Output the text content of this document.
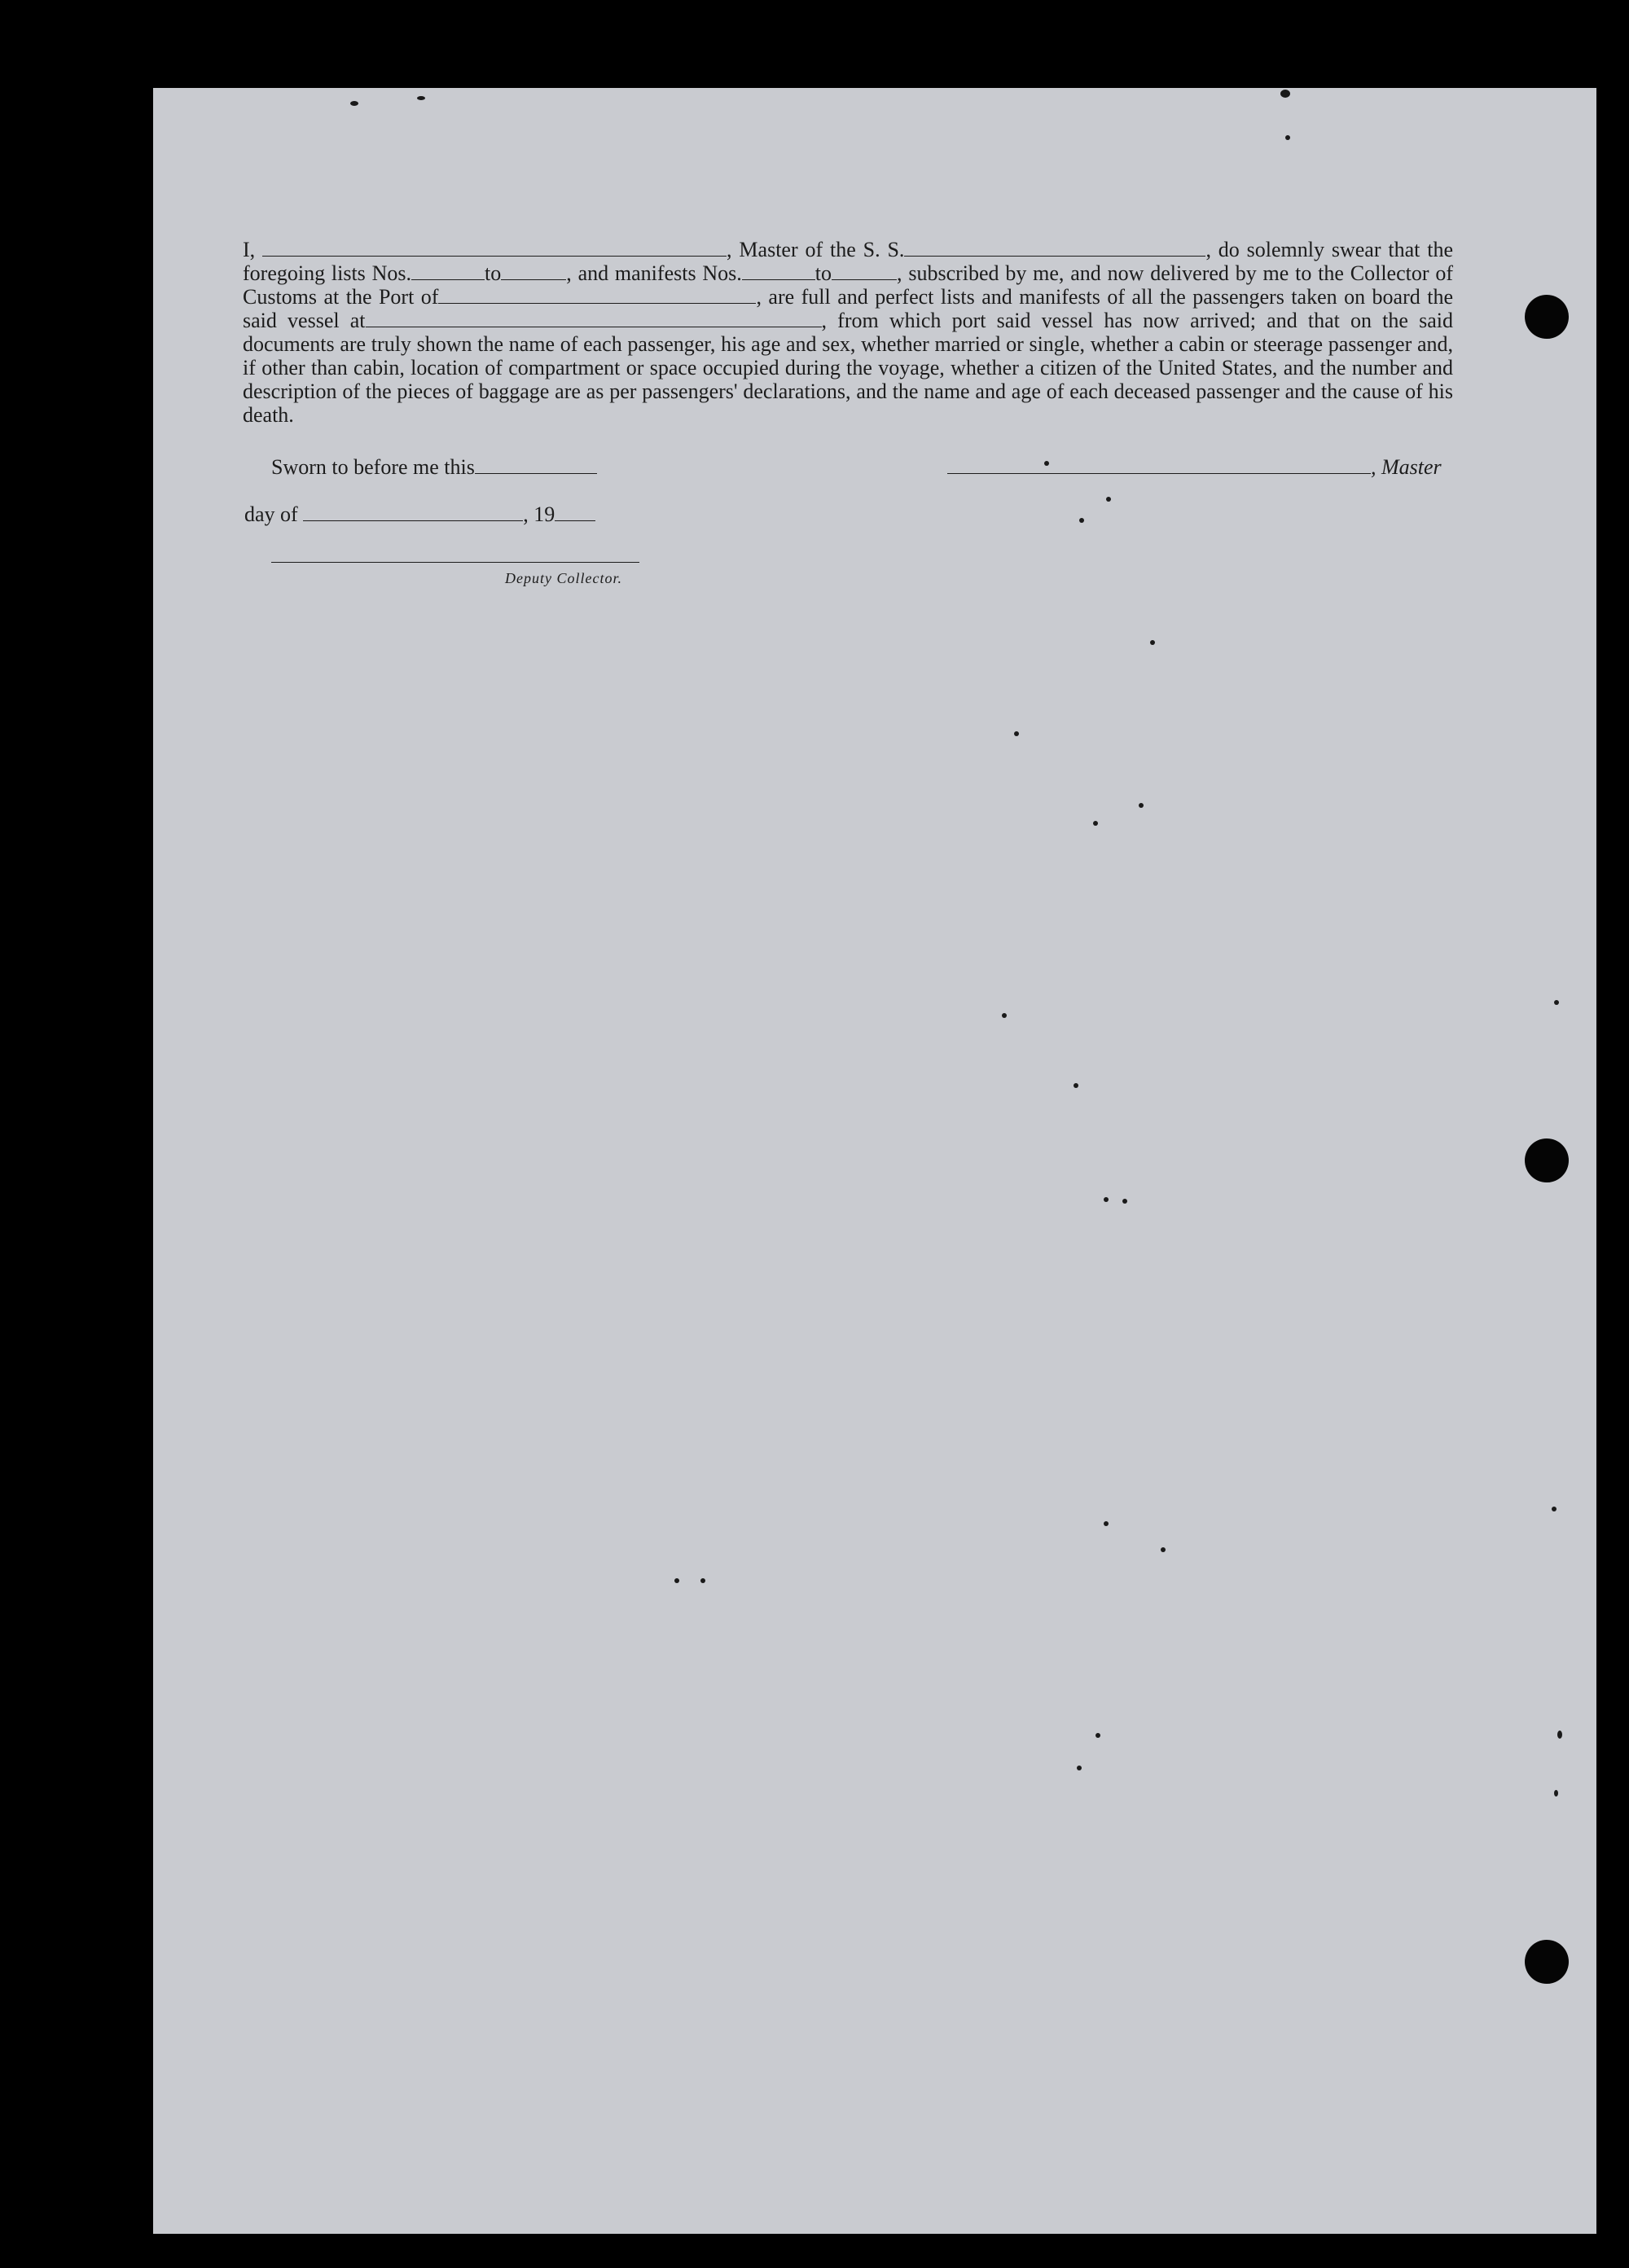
I,	, Master of the S. S.	, do solemnly swear that the foregoing lists Nos.	to	, and manifests Nos.	to	, subscribed by me, and now delivered by me to the Collector of Customs at the Port of	, are full and perfect lists and manifests of all the passengers taken on board the said vessel at	, from which port said vessel has now arrived; and that on the said documents are truly shown the name of each passenger, his age and sex, whether married or single, whether a cabin or steerage passenger and, if other than cabin, location of compartment or space occupied during the voyage, whether a citizen of the United States, and the number and description of the pieces of baggage are as per passengers' declarations, and the name and age of each deceased passenger and the cause of his death.

Sworn to before me this	, Master
day of	, 19
Deputy Collector.
